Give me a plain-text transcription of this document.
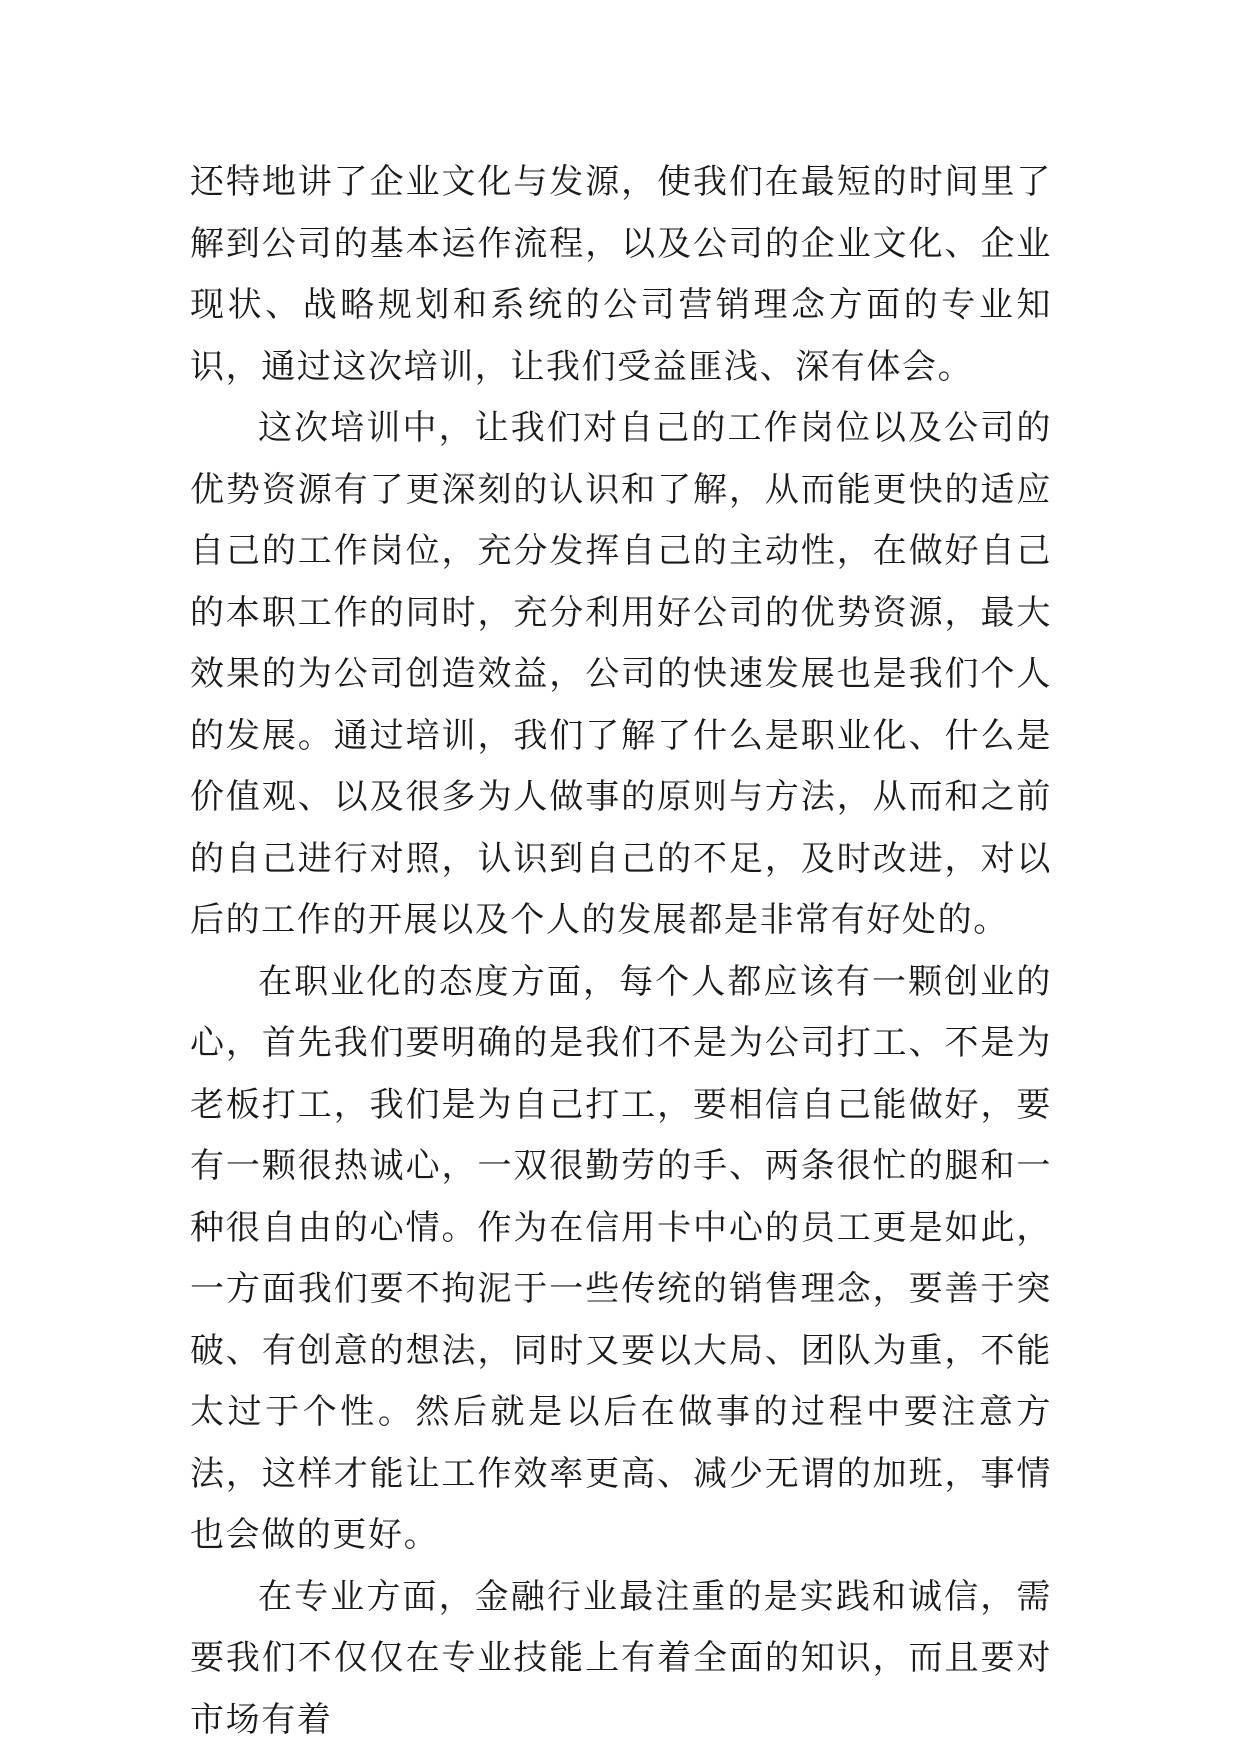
还特地讲了企业文化与发源，使我们在最短的时间里了解到公司的基本运作流程，以及公司的企业文化、企业现状、战略规划和系统的公司营销理念方面的专业知识，通过这次培训，让我们受益匪浅、深有体会。

这次培训中，让我们对自己的工作岗位以及公司的优势资源有了更深刻的认识和了解，从而能更快的适应自己的工作岗位，充分发挥自己的主动性，在做好自己的本职工作的同时，充分利用好公司的优势资源，最大效果的为公司创造效益，公司的快速发展也是我们个人的发展。通过培训，我们了解了什么是职业化、什么是价值观、以及很多为人做事的原则与方法，从而和之前的自己进行对照，认识到自己的不足，及时改进，对以后的工作的开展以及个人的发展都是非常有好处的。

在职业化的态度方面，每个人都应该有一颗创业的心，首先我们要明确的是我们不是为公司打工、不是为老板打工，我们是为自己打工，要相信自己能做好，要有一颗很热诚心，一双很勤劳的手、两条很忙的腿和一种很自由的心情。作为在信用卡中心的员工更是如此，一方面我们要不拘泥于一些传统的销售理念，要善于突破、有创意的想法，同时又要以大局、团队为重，不能太过于个性。然后就是以后在做事的过程中要注意方法，这样才能让工作效率更高、减少无谓的加班，事情也会做的更好。

在专业方面，金融行业最注重的是实践和诚信，需要我们不仅仅在专业技能上有着全面的知识，而且要对市场有着
